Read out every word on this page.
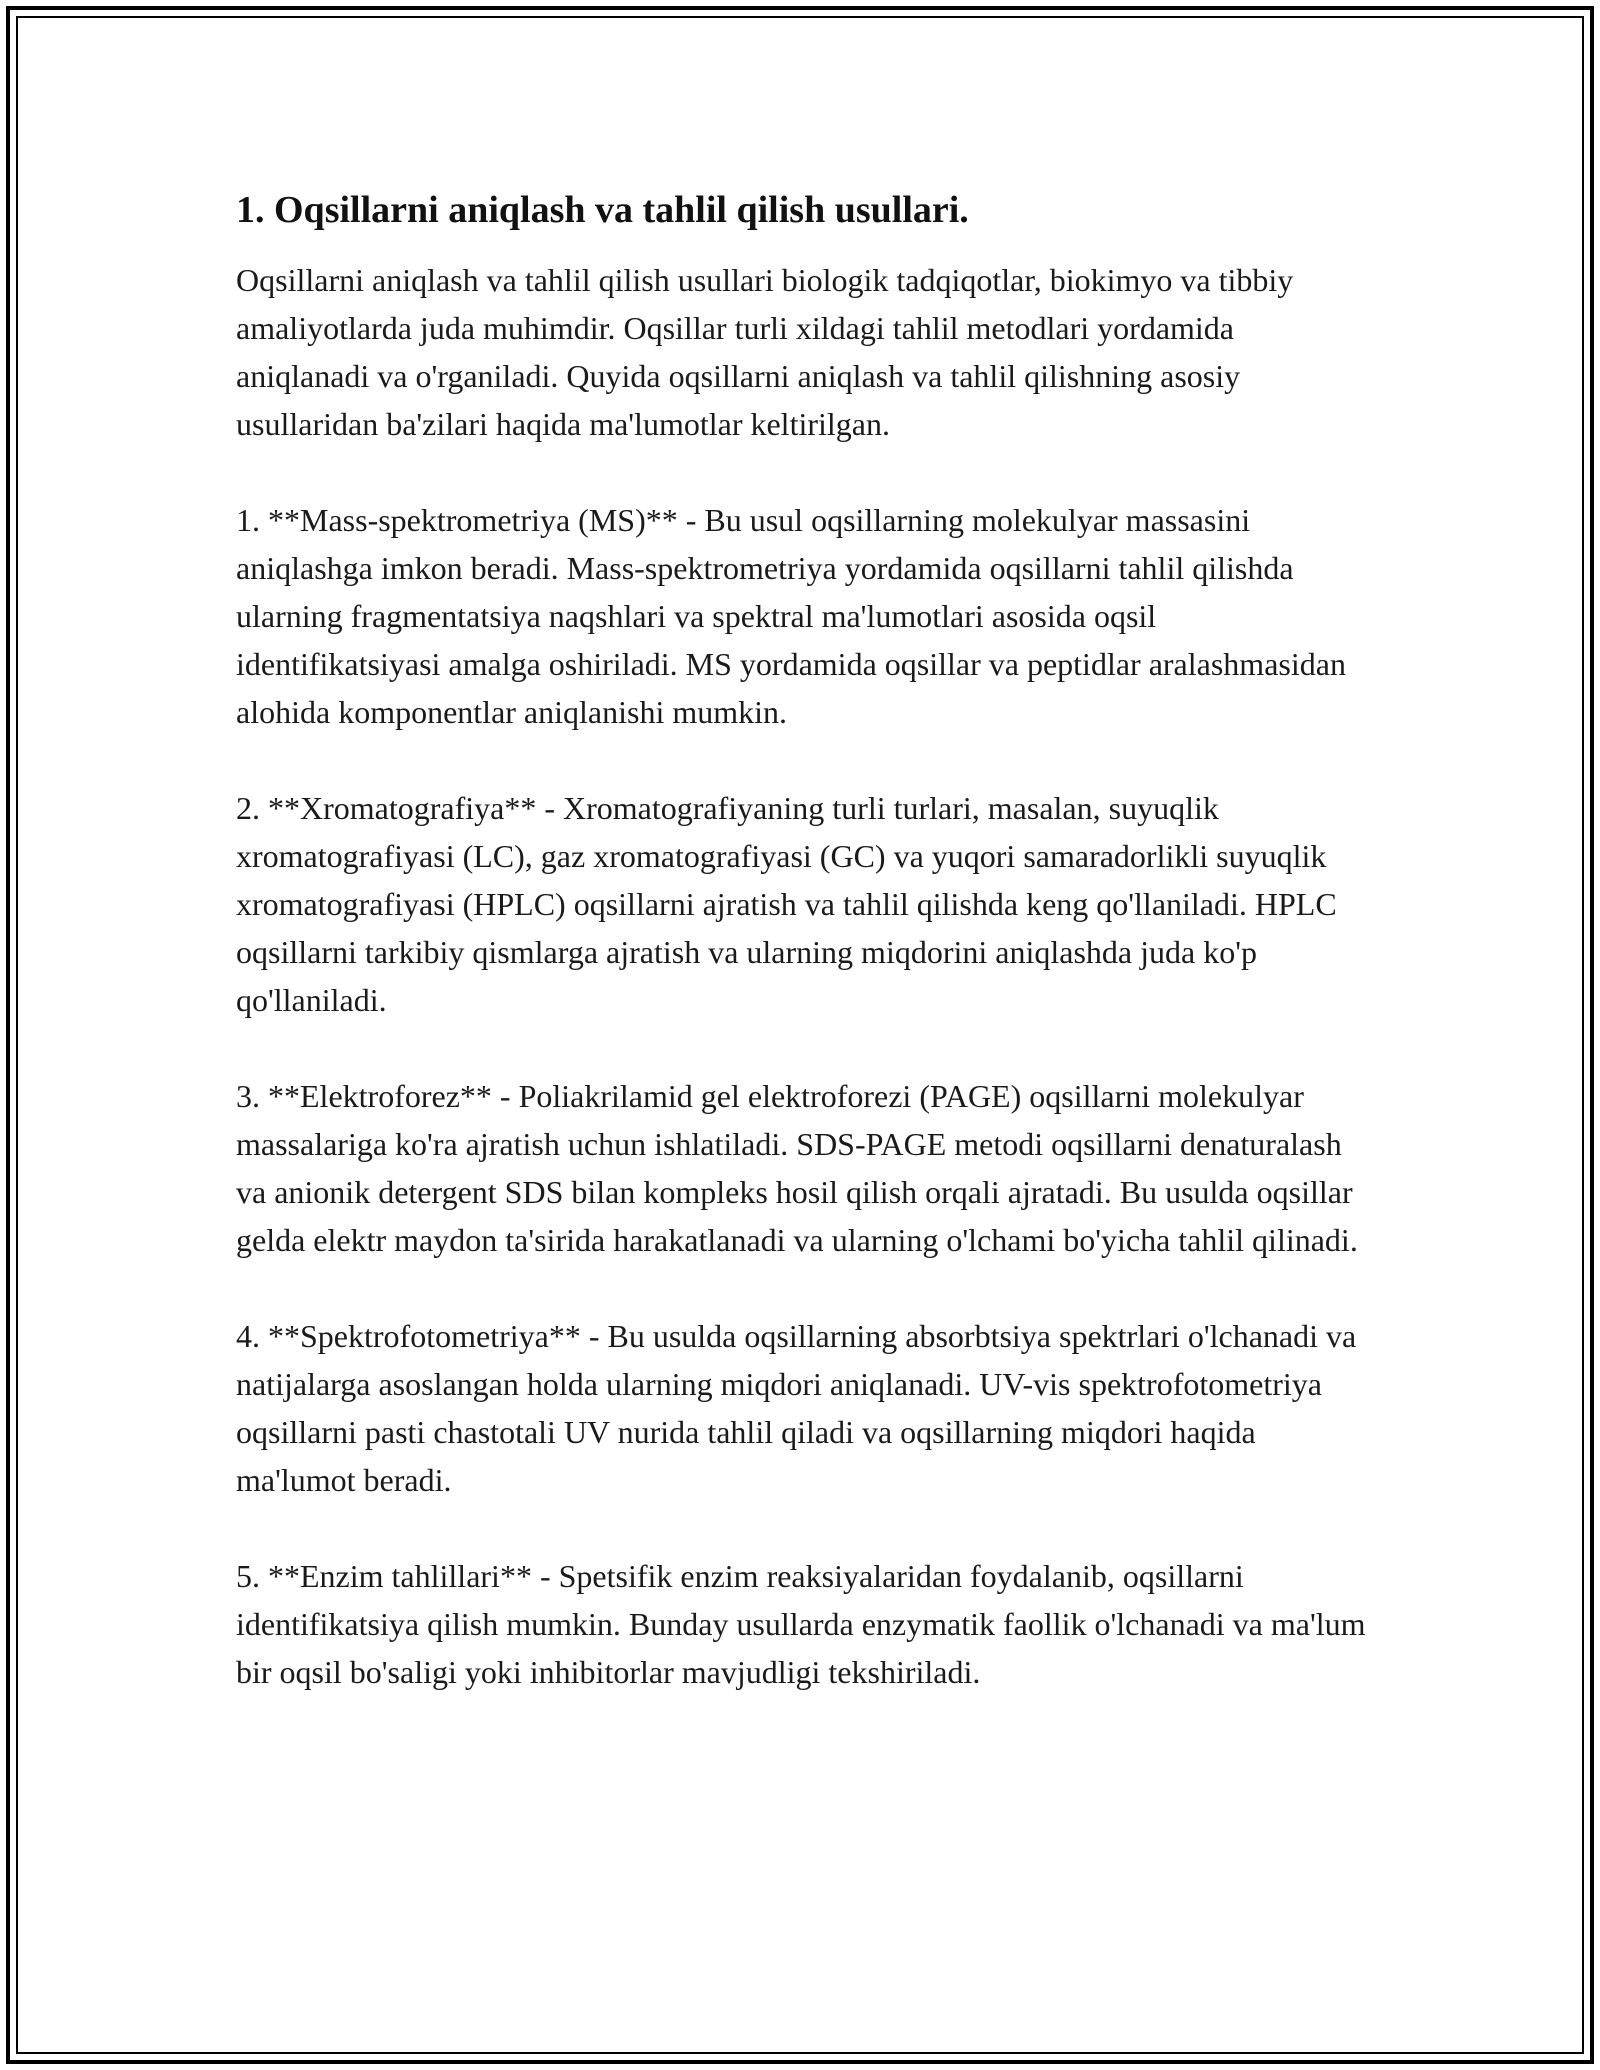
1. Oqsillarni aniqlash va tahlil qilish usullari.

Oqsillarni aniqlash va tahlil qilish usullari biologik tadqiqotlar, biokimyo va tibbiy amaliyotlarda juda muhimdir. Oqsillar turli xildagi tahlil metodlari yordamida aniqlanadi va o'rganiladi. Quyida oqsillarni aniqlash va tahlil qilishning asosiy usullaridan ba'zilari haqida ma'lumotlar keltirilgan.

1. **Mass-spektrometriya (MS)** - Bu usul oqsillarning molekulyar massasini aniqlashga imkon beradi. Mass-spektrometriya yordamida oqsillarni tahlil qilishda ularning fragmentatsiya naqshlari va spektral ma'lumotlari asosida oqsil identifikatsiyasi amalga oshiriladi. MS yordamida oqsillar va peptidlar aralashmasidan alohida komponentlar aniqlanishi mumkin.

2. **Xromatografiya** - Xromatografiyaning turli turlari, masalan, suyuqlik xromatografiyasi (LC), gaz xromatografiyasi (GC) va yuqori samaradorlikli suyuqlik xromatografiyasi (HPLC) oqsillarni ajratish va tahlil qilishda keng qo'llaniladi. HPLC oqsillarni tarkibiy qismlarga ajratish va ularning miqdorini aniqlashda juda ko'p qo'llaniladi.

3. **Elektroforez** - Poliakrilamid gel elektroforezi (PAGE) oqsillarni molekulyar massalariga ko'ra ajratish uchun ishlatiladi. SDS-PAGE metodi oqsillarni denaturalash va anionik detergent SDS bilan kompleks hosil qilish orqali ajratadi. Bu usulda oqsillar gelda elektr maydon ta'sirida harakatlanadi va ularning o'lchami bo'yicha tahlil qilinadi.

4. **Spektrofotometriya** - Bu usulda oqsillarning absorbtsiya spektrlari o'lchanadi va natijalarga asoslangan holda ularning miqdori aniqlanadi. UV-vis spektrofotometriya oqsillarni pasti chastotali UV nurida tahlil qiladi va oqsillarning miqdori haqida ma'lumot beradi.

5. **Enzim tahlillari** - Spetsifik enzim reaksiyalaridan foydalanib, oqsillarni identifikatsiya qilish mumkin. Bunday usullarda enzymatik faollik o'lchanadi va ma'lum bir oqsil bo'saligi yoki inhibitorlar mavjudligi tekshiriladi.
